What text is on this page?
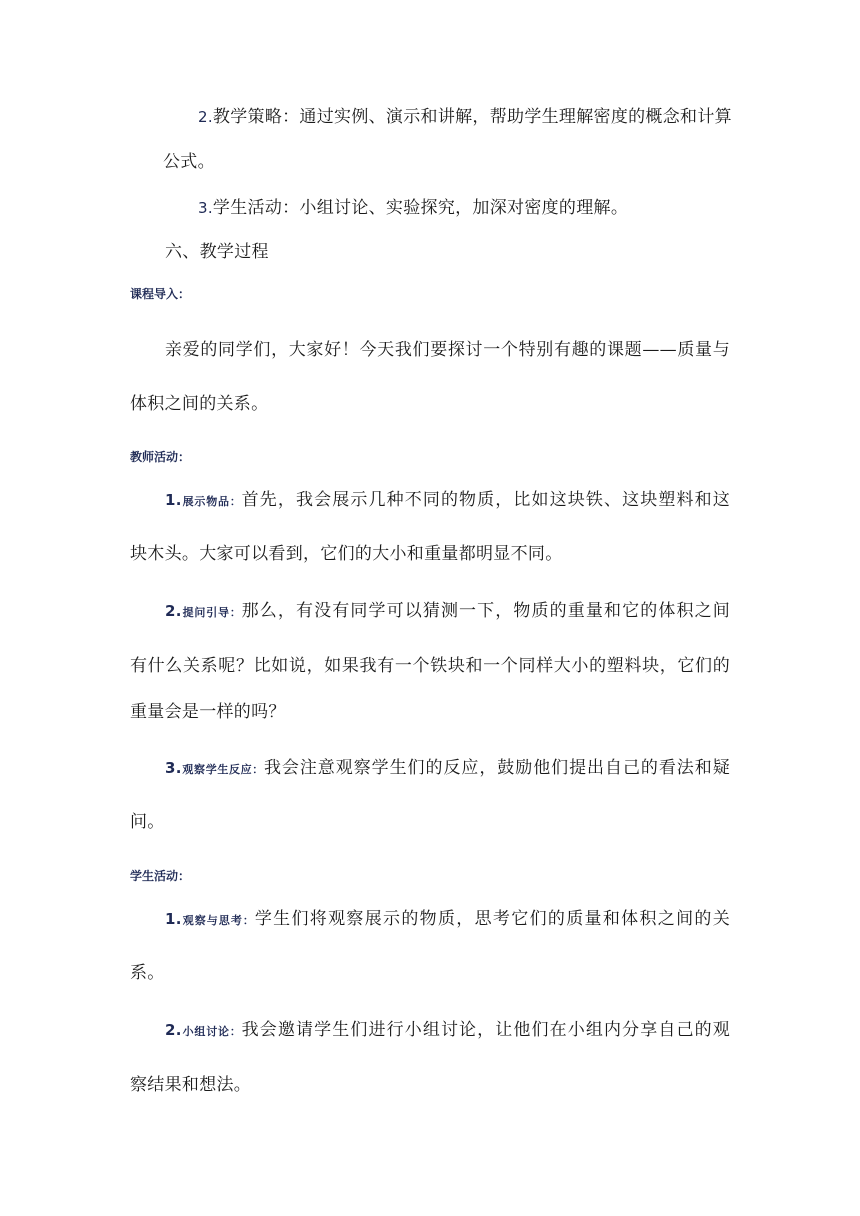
2.教学策略：通过实例、演示和讲解，帮助学生理解密度的概念和计算
公式。
3.学生活动：小组讨论、实验探究，加深对密度的理解。
六、教学过程
课程导入：
亲爱的同学们，大家好！今天我们要探讨一个特别有趣的课题——质量与
体积之间的关系。
教师活动：
1.展示物品：首先，我会展示几种不同的物质，比如这块铁、这块塑料和这
块木头。大家可以看到，它们的大小和重量都明显不同。
2.提问引导：那么，有没有同学可以猜测一下，物质的重量和它的体积之间
有什么关系呢？比如说，如果我有一个铁块和一个同样大小的塑料块，它们的
重量会是一样的吗？
3.观察学生反应：我会注意观察学生们的反应，鼓励他们提出自己的看法和疑
问。
学生活动：
1.观察与思考：学生们将观察展示的物质，思考它们的质量和体积之间的关
系。
2.小组讨论：我会邀请学生们进行小组讨论，让他们在小组内分享自己的观
察结果和想法。
